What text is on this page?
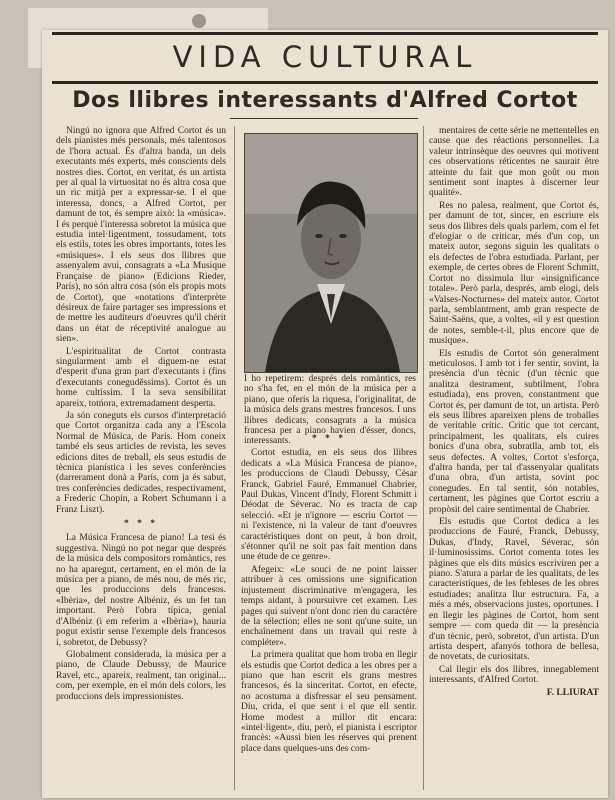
VIDA CULTURAL
Dos llibres interessants d'Alfred Cortot

Ningú no ignora que Alfred Cortot és un dels pianistes més personals, més talentosos de l'hora actual. És d'altra banda, un dels executants més experts, més conscients dels nostres dies. Cortot, en veritat, és un artista per al qual la virtuositat no és altra cosa que un ric mitjà per a expressar-se. I el que interessa, doncs, a Alfred Cortot, per damunt de tot, és sempre això: la «música». I és perquè l'interessa sobretot la música que estudia intel·ligentment, tossudament, tots els estils, totes les obres importants, totes les «músiques». I els seus dos llibres que assenyalem avui, consagrats a «La Musique Française de piano» (Edicions Rieder, París), no són altra cosa (són els propis mots de Cortot), que «notations d'interprète désireux de faire partager ses impressions et de mettre les auditeurs d'oeuvres qu'il chérit dans un état de réceptivité analogue au sien».

L'espiritualitat de Cortot contrasta singularment amb el diguem-ne estat d'esperit d'una gran part d'executants i (fins d'executants coneguděssims). Cortot és un home cultíssim. I la seva sensibilitat apareix, totńora, extremadament desperta.

Ja són coneguts els cursos d'interpretació que Cortot organitza cada any a l'Escola Normal de Música, de París. Hom coneix també els seus articles de revista, les seves edicions dites de treball, els seus estudis de tècnica pianística i les seves conferències (darrerament donà a París, com ja és sabut, tres conferències dedicades, respectivament, a Frederic Chopin, a Robert Schumann i a Franz Liszt).

* * *

La Música Francesa de piano! La tesi és suggestiva. Ningú no pot negar que després de la música dels compositors romàntics, res no ha aparegut, certament, en el món de la música per a piano, de més nou, de més ric, que les produccions dels francesos. «Ibèria», del nostre Albéniz, és un fet tan important. Però l'obra típica, genial d'Albéniz (i em referim a «Ibèria»), hauria pogut existir sense l'exemple dels francesos i, sobretot, de Debussy?

Globalment considerada, la música per a piano, de Claude Debussy, de Maurice Ravel, etc., apareix, realment, tan original... com, per exemple, en el món dels colors, les produccions dels impressionistes.

I ho repetirem: després dels romàntics, res no s'ha fet, en el món de la música per a piano, que oferís la riquesa, l'originalitat, de la música dels grans mestres francesos. I uns llibres dedicats, consagrats a la música francesa per a piano havien d'ésser, doncs, interessants.	* * *

Cortot estudia, en els seus dos llibres dedicats a «La Música Francesa de piano», les produccions de Claudi Debussy, César Franck, Gabriel Fauré, Emmanuel Chabrier, Paul Dukas, Vincent d'Indy, Florent Schmitt i Déodat de Séverac. No es tracta de cap selecció. «Et je n'ignore — escriu Cortot — ni l'existence, ni la valeur de tant d'oeuvres caractéristiques dont on peut, à bon droit, s'étonner qu'il ne soit pas fait mention dans une étude de ce genre».

Afegeix: «Le souci de ne point laisser attribuer à ces omissions une signification injustement discriminative m'engagera, les temps aidant, à poursuivre cet examen. Les pages qui suivent n'ont donc rien du caractère de la sélection; elles ne sont qu'une suite, un enchaînement dans un travail qui reste à compléter».

La primera qualitat que hom troba en llegir els estudis que Cortot dedica a les obres per a piano que han escrit els grans mestres francesos, és la sinceritat. Cortot, en efecte, no acostuma a disfressar el seu pensament. Diu, crida, el que sent i el que ell sentir. Home modest a millor dit encara: «intel·ligent», diu, però, el pianista i escriptor francès: «Aussi bien les réserves qui prenent place dans quelques-uns des com-

mentaires de cette série ne mettentelles en cause que des réactions personnelles. La valeur intrinsèque des oeuvres qui motivent ces observations réticentes ne saurait être atteinte du fait que mon goût ou mon sentiment sont inaptes à discerner leur qualité».

Res no palesa, realment, que Cortot és, per damunt de tot, sincer, en escriure els seus dos llibres dels quals parlem, com el fet d'elogiar o de criticar, més d'un cop, un mateix autor, segons siguin les qualitats o els defectes de l'obra estudiada. Parlant, per exemple, de certes obres de Florent Schmitt, Cortot no dissimula llur «insignificance totale». Però parla, després, amb elogi, dels «Valses-Nocturnes» del mateix autor. Cortot parla, semblantment, amb gran respecte de Saint-Saëns, que, a voltes, «il y est question de notes, semble-t-il, plus encore que de musique».

Els estudis de Cortot són generalment meticulosos. I amb tot i fer sentir, sovint, la presència d'un tècnic (d'un tècnic que analitza destrament, subtilment, l'obra estudiada), ens proven, constantment que Cortot és, per damunt de tot, un artista. Però els seus llibres apareixen plens de troballes de veritable crític. Critic que tot cercant, principalment, les qualitats, els cuires bonics d'una obra, subratlla, amb tot, els seus defectes. A voltes, Cortot s'esforça, d'altra banda, per tal d'assenyalar qualitats d'una obra, d'un artista, sovint poc conegudes. En tal sentit, són notables, certament, les pàgines que Cortot escriu a propòsit del caire sentimental de Chabrier.

Els estudis que Cortot dedica a les produccions de Fauré, Franck, Debussy, Dukas, d'Indy, Ravel, Séverac, són il·luminosíssims. Cortot comenta totes les pàgines que els dits músics escriviren per a piano. S'atura a parlar de les qualitats, de les característiques, de les febleses de les obres estudiades; analitza llur estructura. Fa, a més a més, observacions justes, oportunes. I en llegir les pàgines de Cortot, hom sent sempre — com queda dit — la presència d'un tècnic, però, sobretot, d'un artista. D'un artista despert, afanyós tothora de bellesa, de novetats, de curiositats.

Cal llegir els dos llibres, innegablement interessants, d'Alfred Cortot.

F. LLIURAT
